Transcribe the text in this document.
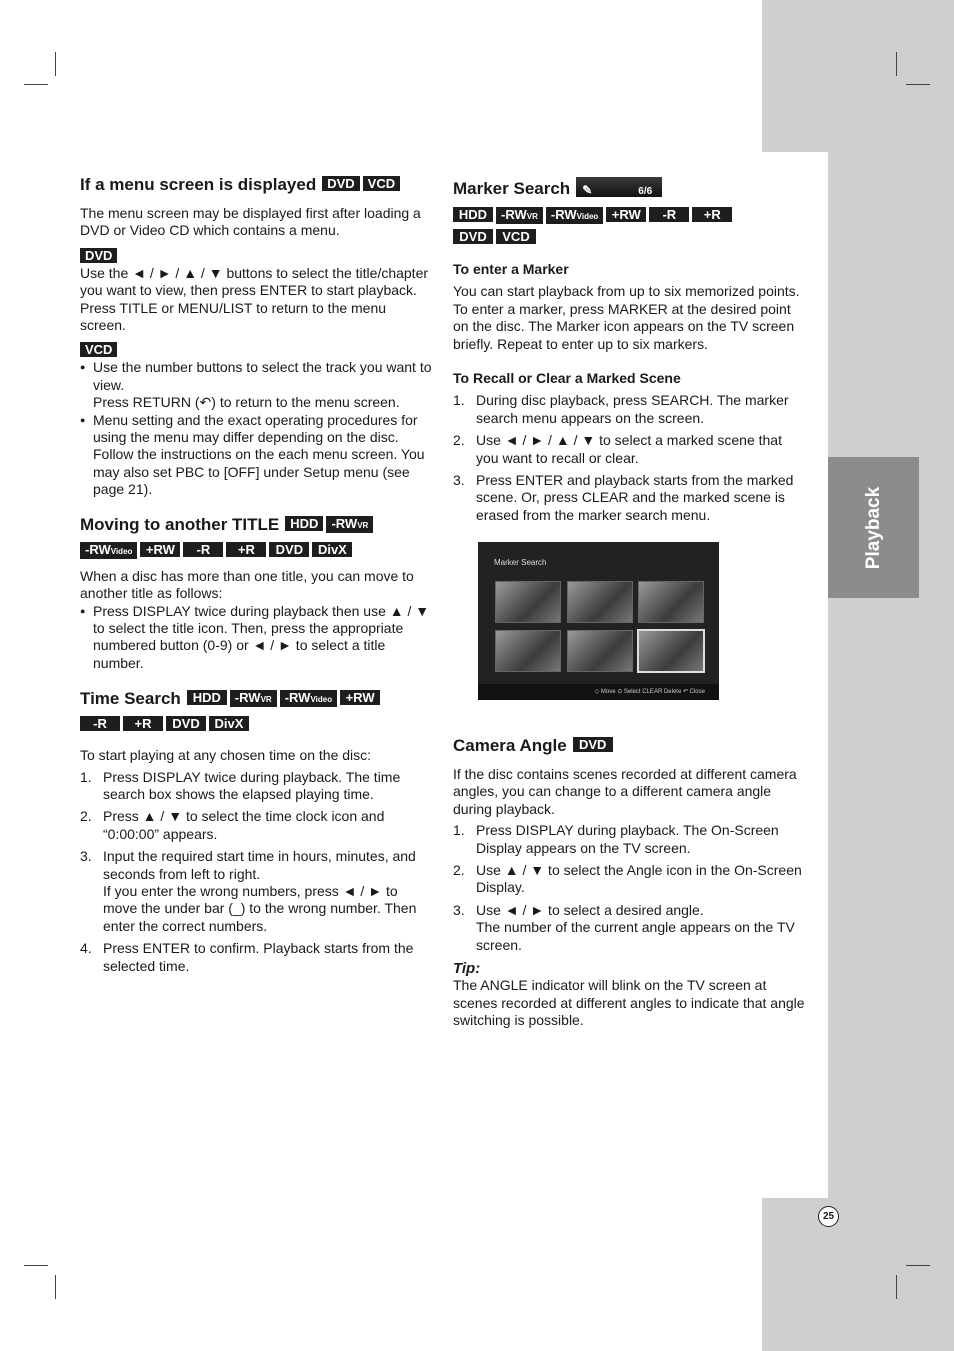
Playback
25

If a menu screen is displayed DVD VCD

The menu screen may be displayed first after loading a DVD or Video CD which contains a menu.

DVD

Use the ◄ / ► / ▲ / ▼ buttons to select the title/chapter you want to view, then press ENTER to start playback.

Press TITLE or MENU/LIST to return to the menu screen.

VCD

● Use the number buttons to select the track you want to view.

Press RETURN (↶) to return to the menu screen.

● Menu setting and the exact operating procedures for using the menu may differ depending on the disc. Follow the instructions on the each menu screen. You may also set PBC to [OFF] under Setup menu (see page 21).

Moving to another TITLE HDD -RWVR

-RWVideo +RW -R +R DVD DivX

When a disc has more than one title, you can move to another title as follows:

● Press DISPLAY twice during playback then use ▲ / ▼ to select the title icon. Then, press the appropriate numbered button (0-9) or ◄ / ► to select a title number.

Time Search HDD -RWVR -RWVideo +RW

-R +R DVD DivX

To start playing at any chosen time on the disc:

1. Press DISPLAY twice during playback. The time search box shows the elapsed playing time.

2. Press ▲ / ▼ to select the time clock icon and “0:00:00” appears.

3. Input the required start time in hours, minutes, and seconds from left to right.

If you enter the wrong numbers, press ◄ / ► to move the under bar (_) to the wrong number. Then enter the correct numbers.

4. Press ENTER to confirm. Playback starts from the selected time.

Marker Search ✎	6/6

HDD -RWVR -RWVideo +RW -R +R
DVD VCD

To enter a Marker

You can start playback from up to six memorized points. To enter a marker, press MARKER at the desired point on the disc. The Marker icon appears on the TV screen briefly. Repeat to enter up to six markers.

To Recall or Clear a Marked Scene

1. During disc playback, press SEARCH. The marker search menu appears on the screen.

2. Use ◄ / ► / ▲ / ▼ to select a marked scene that you want to recall or clear.

3. Press ENTER and playback starts from the marked scene. Or, press CLEAR and the marked scene is erased from the marker search menu.

Marker Search
◇ Move ⊙ Select CLEAR Delete ↶ Close

Camera Angle DVD

If the disc contains scenes recorded at different camera angles, you can change to a different camera angle during playback.

1. Press DISPLAY during playback. The On-Screen Display appears on the TV screen.

2. Use ▲ / ▼ to select the Angle icon in the On-Screen Display.

3. Use ◄ / ► to select a desired angle.

The number of the current angle appears on the TV screen.

Tip:

The ANGLE indicator will blink on the TV screen at scenes recorded at different angles to indicate that angle switching is possible.
